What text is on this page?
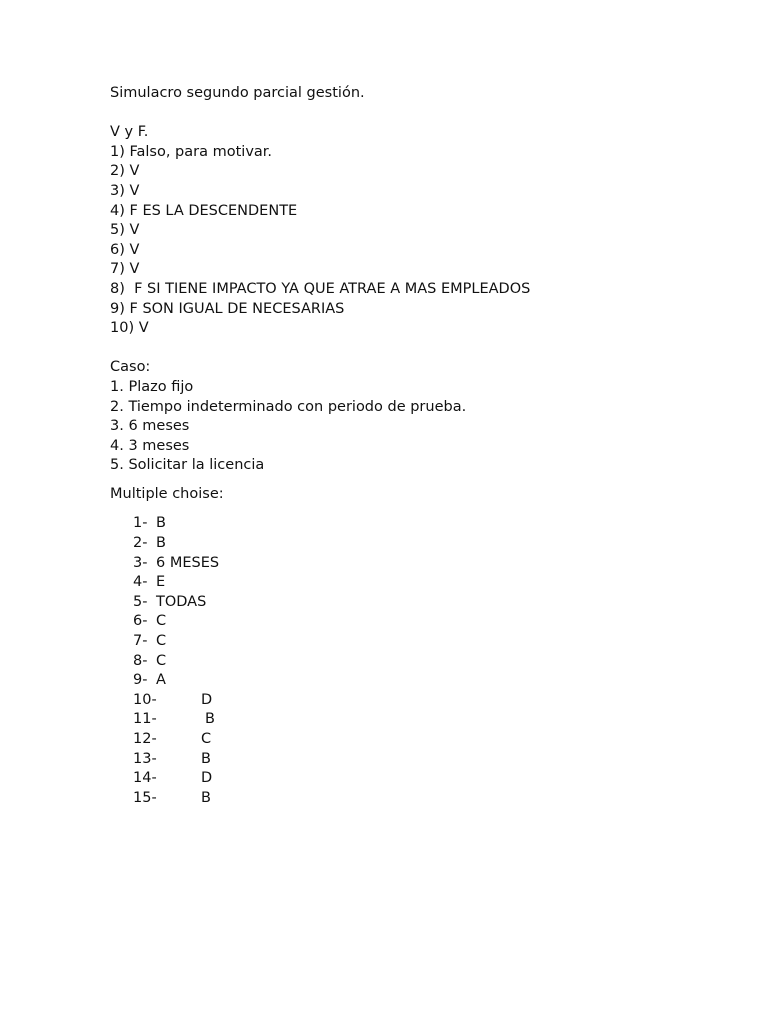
Simulacro segundo parcial gestión.
V y F.
1) Falso, para motivar.
2) V
3) V
4) F ES LA DESCENDENTE
5) V
6) V
7) V
8)  F SI TIENE IMPACTO YA QUE ATRAE A MAS EMPLEADOS
9) F SON IGUAL DE NECESARIAS
10) V
Caso:
1. Plazo fijo
2. Tiempo indeterminado con periodo de prueba.
3. 6 meses
4. 3 meses
5. Solicitar la licencia
Multiple choise:
1- B
2- B
3- 6 MESES
4- E
5- TODAS
6- C
7- C
8- C
9- A
10-	D
11-	B
12-	C
13-	B
14-	D
15-	B
